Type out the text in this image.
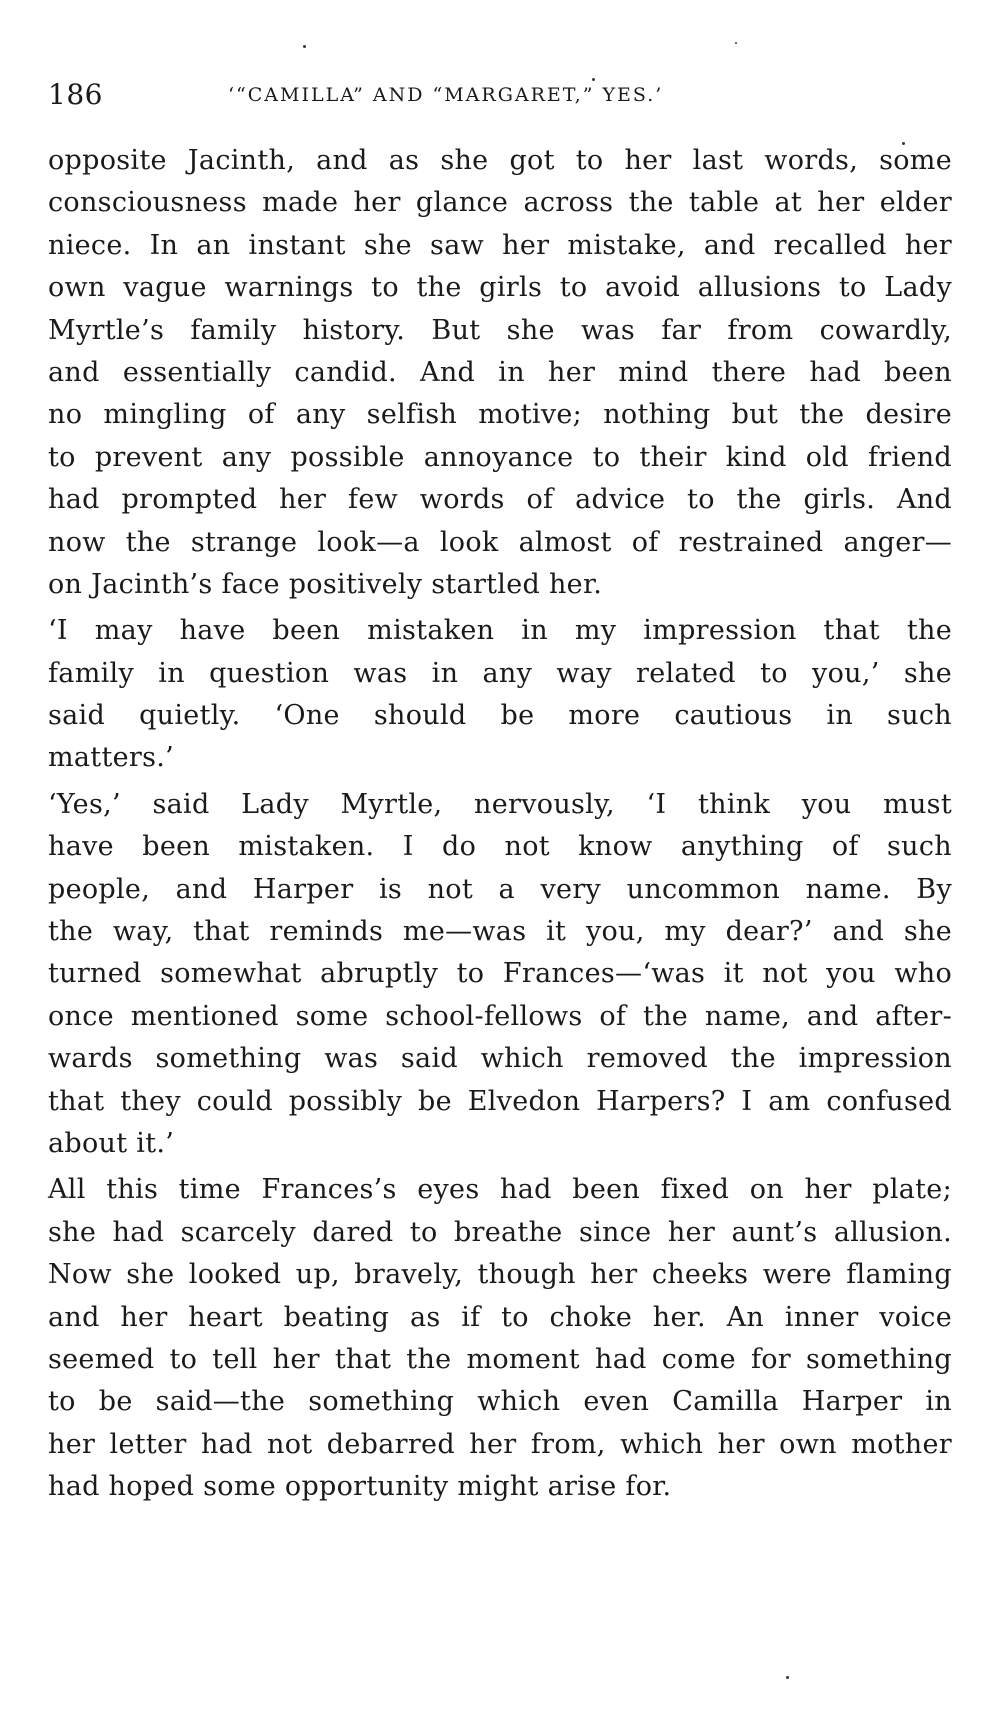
186	‘“CAMILLA” AND “MARGARET,” YES.’
opposite Jacinth, and as she got to her last words, some
consciousness made her glance across the table at her elder
niece. In an instant she saw her mistake, and recalled her
own vague warnings to the girls to avoid allusions to Lady
Myrtle’s family history. But she was far from cowardly,
and essentially candid. And in her mind there had been
no mingling of any selfish motive; nothing but the desire
to prevent any possible annoyance to their kind old friend
had prompted her few words of advice to the girls. And
now the strange look—a look almost of restrained anger—
on Jacinth’s face positively startled her.
‘I may have been mistaken in my impression that the
family in question was in any way related to you,’ she
said quietly. ‘One should be more cautious in such
matters.’
‘Yes,’ said Lady Myrtle, nervously, ‘I think you must
have been mistaken. I do not know anything of such
people, and Harper is not a very uncommon name. By
the way, that reminds me—was it you, my dear?’ and she
turned somewhat abruptly to Frances—‘was it not you who
once mentioned some school-fellows of the name, and after-
wards something was said which removed the impression
that they could possibly be Elvedon Harpers? I am confused
about it.’
All this time Frances’s eyes had been fixed on her plate;
she had scarcely dared to breathe since her aunt’s allusion.
Now she looked up, bravely, though her cheeks were flaming
and her heart beating as if to choke her. An inner voice
seemed to tell her that the moment had come for something
to be said—the something which even Camilla Harper in
her letter had not debarred her from, which her own mother
had hoped some opportunity might arise for.
